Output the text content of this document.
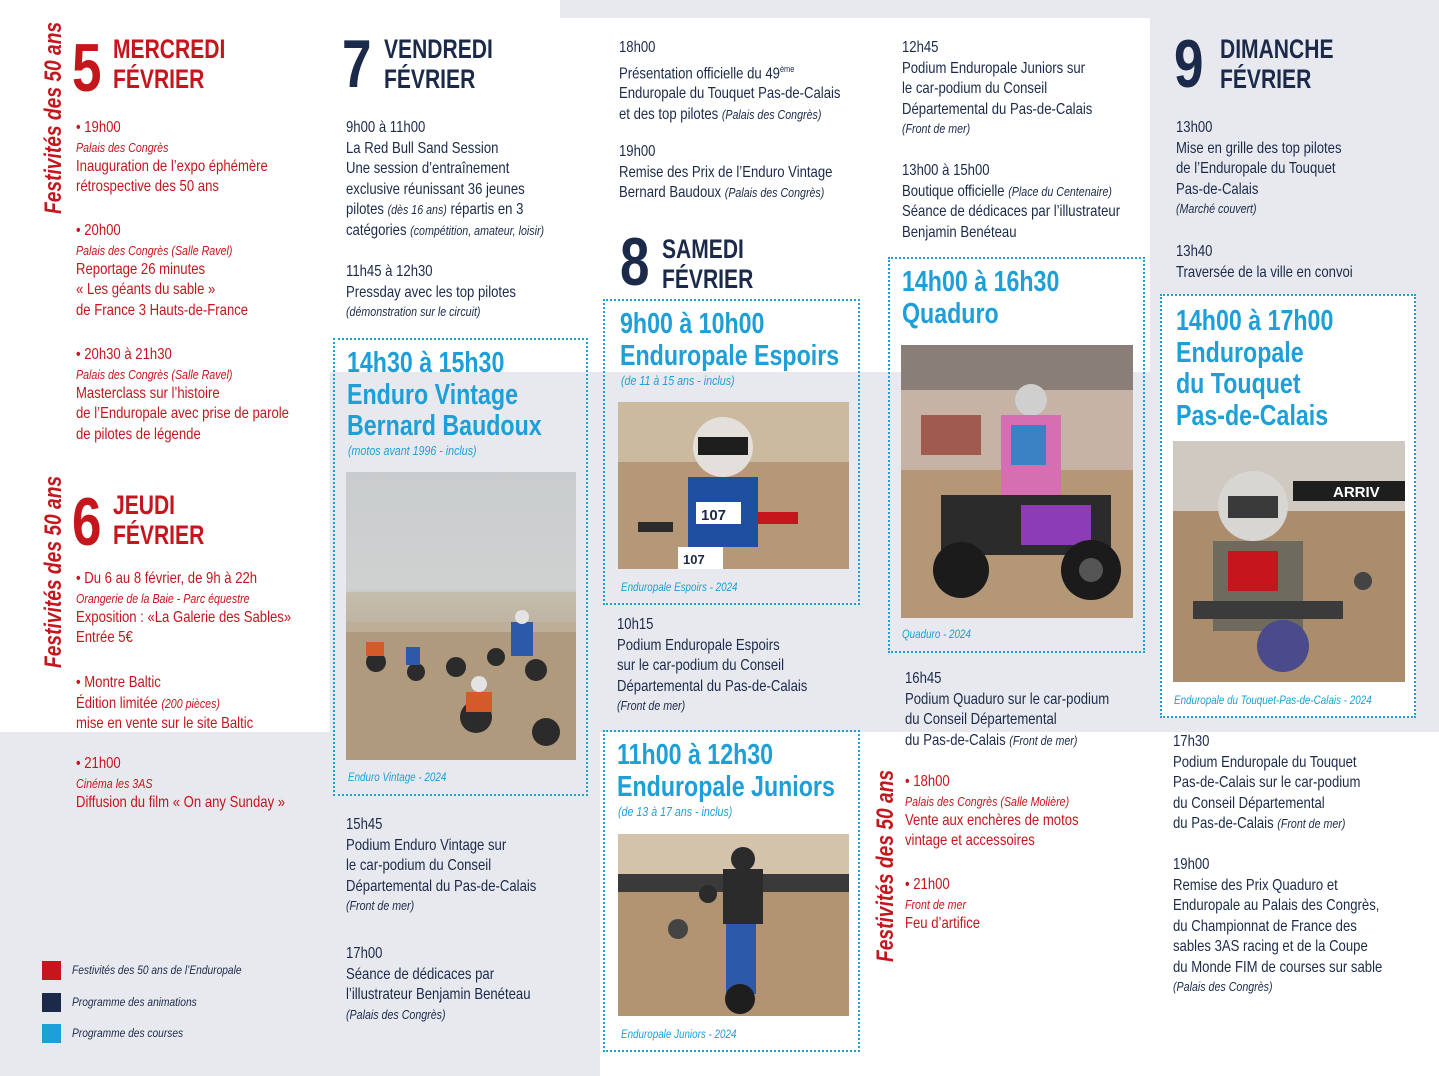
Festivités des 50 ans 5 MERCREDI
FÉVRIER
• 19h00
Palais des Congrès
Inauguration de l’expo éphémère
rétrospective des 50 ans
• 20h00
Palais des Congrès (Salle Ravel)
Reportage 26 minutes
« Les géants du sable »
de France 3 Hauts-de-France
• 20h30 à 21h30
Palais des Congrès (Salle Ravel)
Masterclass sur l’histoire
de l’Enduropale avec prise de parole
de pilotes de légende
Festivités des 50 ans 6 JEUDI
FÉVRIER
• Du 6 au 8 février, de 9h à 22h
Orangerie de la Baie - Parc équestre
Exposition : «La Galerie des Sables»
Entrée 5€
• Montre Baltic
Édition limitée (200 pièces)
mise en vente sur le site Baltic
• 21h00
Cinéma les 3AS
Diffusion du film « On any Sunday »
Festivités des 50 ans de l’Enduropale
Programme des animations
Programme des courses
7 VENDREDI
FÉVRIER
9h00 à 11h00
La Red Bull Sand Session
Une session d’entraînement
exclusive réunissant 36 jeunes
pilotes (dès 16 ans) répartis en 3
catégories (compétition, amateur, loisir)
11h45 à 12h30
Pressday avec les top pilotes
(démonstration sur le circuit)
14h30 à 15h30
Enduro Vintage
Bernard Baudoux
(motos avant 1996 - inclus)
Enduro Vintage - 2024
15h45
Podium Enduro Vintage sur
le car-podium du Conseil
Départemental du Pas-de-Calais
(Front de mer)
17h00
Séance de dédicaces par
l’illustrateur Benjamin Benéteau
(Palais des Congrès)
18h00
Présentation officielle du 49ème
Enduropale du Touquet Pas-de-Calais
et des top pilotes (Palais des Congrès)
19h00
Remise des Prix de l’Enduro Vintage
Bernard Baudoux (Palais des Congrès)
8 SAMEDI
FÉVRIER
9h00 à 10h00
Enduropale Espoirs
(de 11 à 15 ans - inclus)
107
107
Enduropale Espoirs - 2024
10h15
Podium Enduropale Espoirs
sur le car-podium du Conseil
Départemental du Pas-de-Calais
(Front de mer)
11h00 à 12h30
Enduropale Juniors
(de 13 à 17 ans - inclus)
Enduropale Juniors - 2024
12h45
Podium Enduropale Juniors sur
le car-podium du Conseil
Départemental du Pas-de-Calais
(Front de mer)
13h00 à 15h00
Boutique officielle (Place du Centenaire)
Séance de dédicaces par l’illustrateur
Benjamin Benéteau
14h00 à 16h30
Quaduro
Quaduro - 2024
16h45
Podium Quaduro sur le car-podium
du Conseil Départemental
du Pas-de-Calais (Front de mer)
Festivités des 50 ans
• 18h00
Palais des Congrès (Salle Molière)
Vente aux enchères de motos
vintage et accessoires
• 21h00
Front de mer
Feu d’artifice
9 DIMANCHE
FÉVRIER
13h00
Mise en grille des top pilotes
de l’Enduropale du Touquet
Pas-de-Calais
(Marché couvert)
13h40
Traversée de la ville en convoi
14h00 à 17h00
Enduropale
du Touquet
Pas-de-Calais
ARRIV
Enduropale du Touquet-Pas-de-Calais - 2024
17h30
Podium Enduropale du Touquet
Pas-de-Calais sur le car-podium
du Conseil Départemental
du Pas-de-Calais (Front de mer)
19h00
Remise des Prix Quaduro et
Enduropale au Palais des Congrès,
du Championnat de France des
sables 3AS racing et de la Coupe
du Monde FIM de courses sur sable
(Palais des Congrès)
